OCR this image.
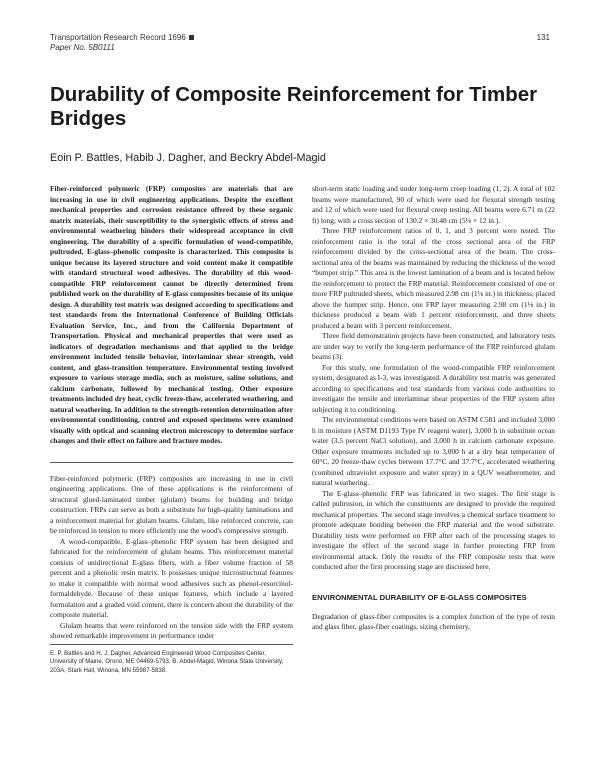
Transportation Research Record 1696
Paper No. 5B0111
131
Durability of Composite Reinforcement for Timber Bridges
Eoin P. Battles, Habib J. Dagher, and Beckry Abdel-Magid

Fiber-reinforced polymeric (FRP) composites are materials that are increasing in use in civil engineering applications. Despite the excellent mechanical properties and corrosion resistance offered by these organic matrix materials, their susceptibility to the synergistic effects of stress and environmental weathering hinders their widespread acceptance in civil engineering. The durability of a specific formulation of wood-compatible, pultruded, E-glass–phenolic composite is characterized. This composite is unique because its layered structure and void content make it compatible with standard structural wood adhesives. The durability of this wood-compatible FRP reinforcement cannot be directly determined from published work on the durability of E-glass composites because of its unique design. A durability test matrix was designed according to specifications and test standards from the International Conference of Building Officials Evaluation Service, Inc., and from the California Department of Transportation. Physical and mechanical properties that were used as indicators of degradation mechanisms and that applied to the bridge environment included tensile behavior, interlaminar shear strength, void content, and glass-transition temperature. Environmental testing involved exposure to various storage media, such as moisture, saline solutions, and calcium carbonate, followed by mechanical testing. Other exposure treatments included dry heat, cyclic freeze-thaw, accelerated weathering, and natural weathering. In addition to the strength-retention determination after environmental conditioning, control and exposed specimens were examined visually with optical and scanning electron microscopy to determine surface changes and their effect on failure and fracture modes.

Fiber-reinforced polymeric (FRP) composites are increasing in use in civil engineering applications. One of these applications is the reinforcement of structural glued-laminated timber (glulam) beams for building and bridge construction. FRPs can serve as both a substitute for high-quality laminations and a reinforcement material for glulam beams. Glulam, like reinforced concrete, can be reinforced in tension to more efficiently use the wood's compressive strength.

A wood-compatible, E-glass–phenolic FRP system has been designed and fabricated for the reinforcement of glulam beams. This reinforcement material consists of unidirectional E-glass fibers, with a fiber volume fraction of 58 percent and a phenolic resin matrix. It possesses unique microstructural features to make it compatible with normal wood adhesives such as phenol-resorcinol-formaldehyde. Because of these unique features, which include a layered formulation and a graded void content, there is concern about the durability of the composite material.

Glulam beams that were reinforced on the tension side with the FRP system showed remarkable improvement in performance under

E. P. Battles and H. J. Dagher, Advanced Engineered Wood Composites Center, University of Maine, Orono, ME 04469-5793. B. Abdel-Magid, Winona State University, 203A, Stark Hall, Winona, MN 55987-5838.

short-term static loading and under long-term creep loading (1, 2). A total of 102 beams were manufactured, 90 of which were used for flexural strength testing and 12 of which were used for flexural creep testing. All beams were 6.71 m (22 ft) long, with a cross section of 130.2 × 30.48 cm (5⅛ × 12 in.).

Three FRP reinforcement ratios of 0, 1, and 3 percent were tested. The reinforcement ratio is the total of the cross sectional area of the FRP reinforcement divided by the cross-sectional area of the beam. The cross-sectional area of the beams was maintained by reducing the thickness of the wood “bumper strip.” This area is the lowest lamination of a beam and is located below the reinforcement to protect the FRP material. Reinforcement consisted of one or more FRP pultruded sheets, which measured 2.98 cm (1⅛ in.) in thickness, placed above the bumper strip. Hence, one FRP layer measuring 2.98 cm (1⅛ in.) in thickness produced a beam with 1 percent reinforcement, and three sheets produced a beam with 3 percent reinforcement.

Three field demonstration projects have been constructed, and laboratory tests are under way to verify the long-term performance of the FRP reinforced glulam beams (3).

For this study, one formulation of the wood-compatible FRP reinforcement system, designated as I-3, was investigated. A durability test matrix was generated according to specifications and test standards from various code authorities to investigate the tensile and interlaminar shear properties of the FRP system after subjecting it to conditioning.

The environmental conditions were based on ASTM C581 and included 3,000 h in moisture (ASTM D1193 Type IV reagent water), 3,000 h in substitute ocean water (3.5 percent NaCl solution), and 3,000 h in calcium carbonate exposure. Other exposure treatments included up to 3,000 h at a dry heat temperature of 60°C, 20 freeze-thaw cycles between 17.7°C and 37.7°C, accelerated weathering (combined ultraviolet exposure and water spray) in a QUV weatherometer, and natural weathering.

The E-glass–phenolic FRP was fabricated in two stages. The first stage is called pultrusion, in which the constituents are designed to provide the required mechanical properties. The second stage involves a chemical surface treatment to promote adequate bonding between the FRP material and the wood substrate. Durability tests were performed on FRP after each of the processing stages to investigate the effect of the second stage in further protecting FRP from environmental attack. Only the results of the FRP composite tests that were conducted after the first processing stage are discussed here.

ENVIRONMENTAL DURABILITY OF E-GLASS COMPOSITES

Degradation of glass-fiber composites is a complex function of the type of resin and glass fiber, glass-fiber coatings, sizing chemistry,
